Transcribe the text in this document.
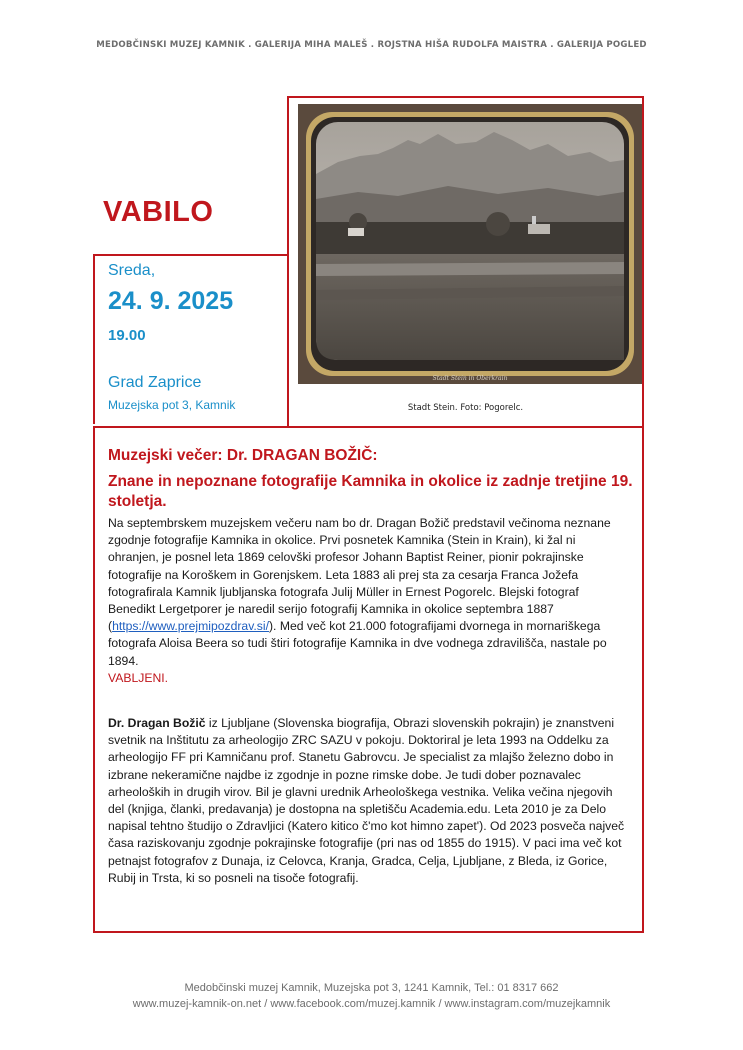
MEDOBČINSKI MUZEJ KAMNIK . GALERIJA MIHA MALEŠ . ROJSTNA HIŠA RUDOLFA MAISTRA . GALERIJA POGLED
VABILO
Sreda,
24. 9. 2025
19.00
Grad Zaprice
Muzejska pot 3, Kamnik
Stadt Stein in Oberkrain
Stadt Stein. Foto: Pogorelc.
Muzejski večer: Dr. DRAGAN BOŽIČ:
Znane in nepoznane fotografije Kamnika in okolice iz zadnje tretjine 19. stoletja.
Na septembrskem muzejskem večeru nam bo dr. Dragan Božič predstavil večinoma neznane zgodnje fotografije Kamnika in okolice. Prvi posnetek Kamnika (Stein in Krain), ki žal ni ohranjen, je posnel leta 1869 celovški profesor Johann Baptist Reiner, pionir pokrajinske fotografije na Koroškem in Gorenjskem. Leta 1883 ali prej sta za cesarja Franca Jožefa fotografirala Kamnik ljubljanska fotografa Julij Müller in Ernest Pogorelc. Blejski fotograf Benedikt Lergetporer je naredil serijo fotografij Kamnika in okolice septembra 1887 (https://www.prejmipozdrav.si/). Med več kot 21.000 fotografijami dvornega in mornariškega fotografa Aloisa Beera so tudi štiri fotografije Kamnika in dve vodnega zdravilišča, nastale po 1894.
VABLJENI.
Dr. Dragan Božič iz Ljubljane (Slovenska biografija, Obrazi slovenskih pokrajin) je znanstveni svetnik na Inštitutu za arheologijo ZRC SAZU v pokoju. Doktoriral je leta 1993 na Oddelku za arheologijo FF pri Kamničanu prof. Stanetu Gabrovcu. Je specialist za mlajšo železno dobo in izbrane nekeramične najdbe iz zgodnje in pozne rimske dobe. Je tudi dober poznavalec arheoloških in drugih virov. Bil je glavni urednik Arheološkega vestnika. Velika večina njegovih del (knjiga, članki, predavanja) je dostopna na spletišču Academia.edu. Leta 2010 je za Delo napisal tehtno študijo o Zdravljici (Katero kitico č'mo kot himno zapet'). Od 2023 posveča največ časa raziskovanju zgodnje pokrajinske fotografije (pri nas od 1855 do 1915). V paci ima več kot petnajst fotografov z Dunaja, iz Celovca, Kranja, Gradca, Celja, Ljubljane, z Bleda, iz Gorice, Rubij in Trsta, ki so posneli na tisoče fotografij.
Medobčinski muzej Kamnik, Muzejska pot 3, 1241 Kamnik, Tel.: 01 8317 662
www.muzej-kamnik-on.net / www.facebook.com/muzej.kamnik / www.instagram.com/muzejkamnik
